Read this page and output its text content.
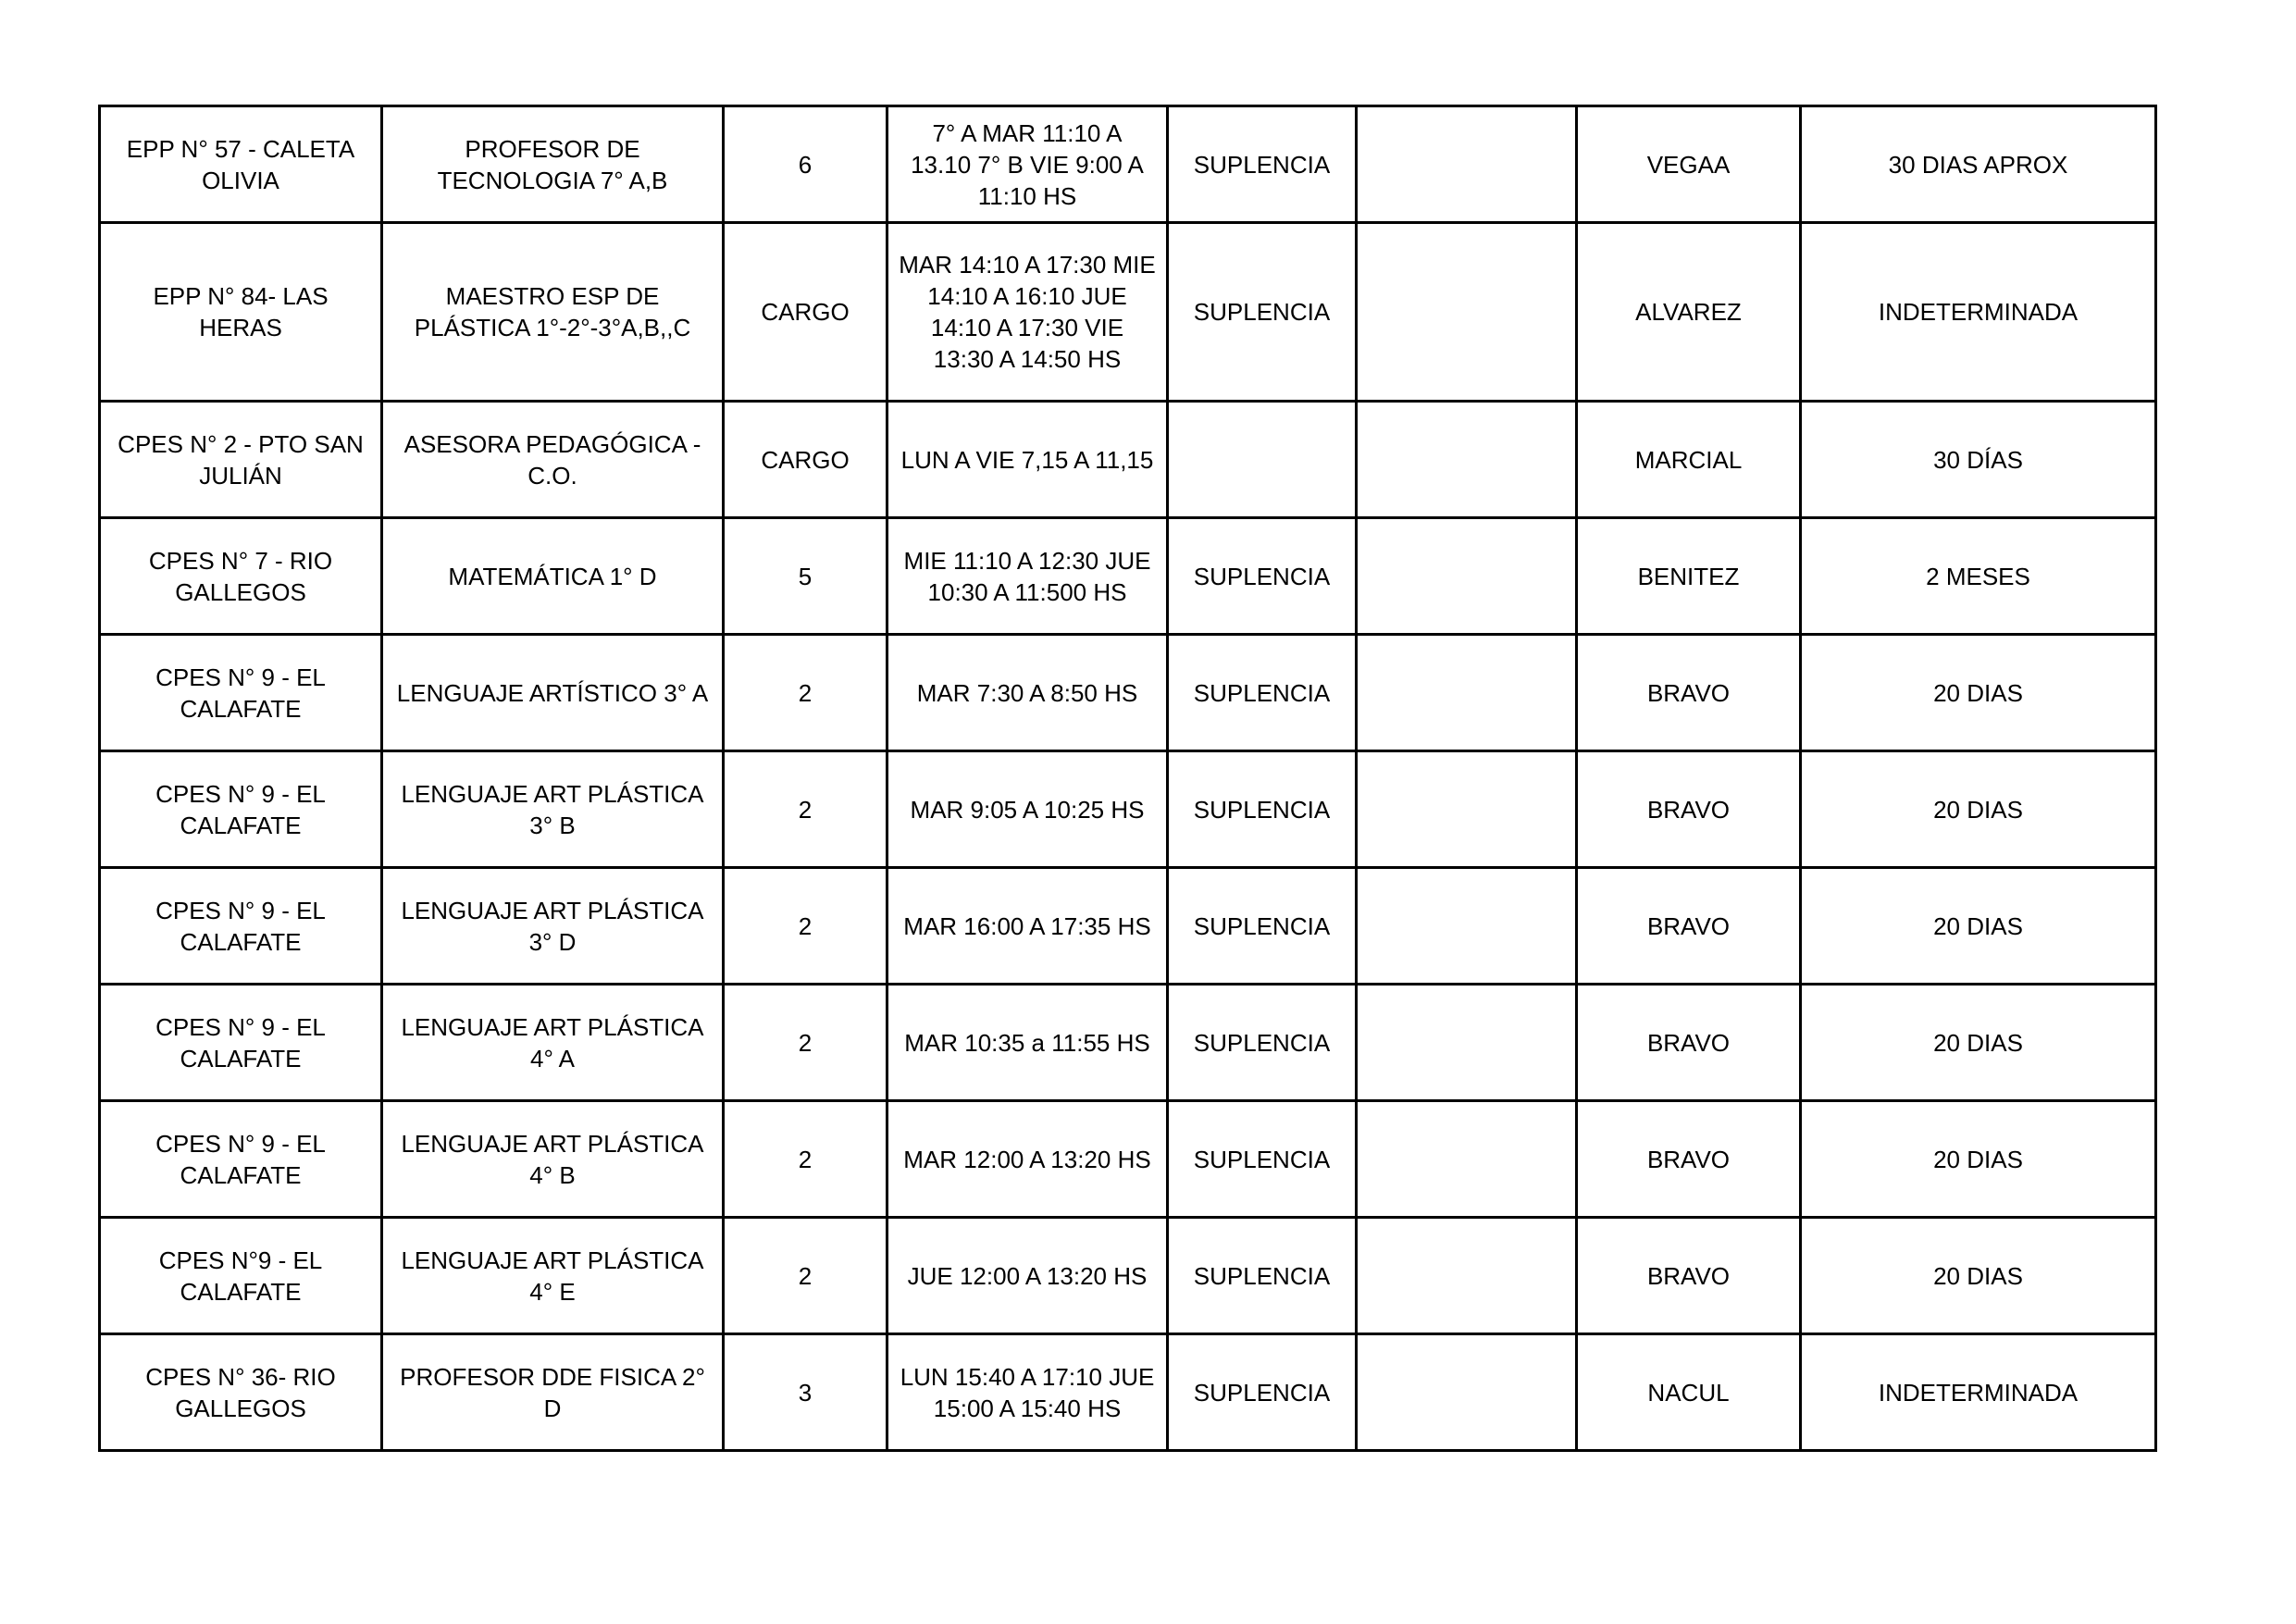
EPP N° 57 - CALETA
OLIVIA	PROFESOR DE
TECNOLOGIA 7° A,B	6	7° A MAR 11:10 A
13.10 7° B VIE 9:00 A
11:10 HS	SUPLENCIA		VEGAA	30 DIAS APROX
EPP N° 84- LAS
HERAS	MAESTRO ESP DE
PLÁSTICA 1°-2°-3°A,B,,C	CARGO	MAR 14:10 A 17:30 MIE
14:10 A 16:10 JUE
14:10 A 17:30 VIE
13:30 A 14:50 HS	SUPLENCIA		ALVAREZ	INDETERMINADA
CPES N° 2 - PTO SAN
JULIÁN	ASESORA PEDAGÓGICA -
C.O.	CARGO	LUN A VIE 7,15 A 11,15			MARCIAL	30 DÍAS
CPES N° 7 - RIO
GALLEGOS	MATEMÁTICA 1° D	5	MIE 11:10 A 12:30 JUE
10:30 A 11:500 HS	SUPLENCIA		BENITEZ	2 MESES
CPES N° 9 - EL
CALAFATE	LENGUAJE ARTÍSTICO 3° A	2	MAR 7:30 A 8:50 HS	SUPLENCIA		BRAVO	20 DIAS
CPES N° 9 - EL
CALAFATE	LENGUAJE ART PLÁSTICA
3° B	2	MAR 9:05 A 10:25 HS	SUPLENCIA		BRAVO	20 DIAS
CPES N° 9 - EL
CALAFATE	LENGUAJE ART PLÁSTICA
3° D	2	MAR 16:00 A 17:35 HS	SUPLENCIA		BRAVO	20 DIAS
CPES N° 9 - EL
CALAFATE	LENGUAJE ART PLÁSTICA
4° A	2	MAR 10:35 a 11:55 HS	SUPLENCIA		BRAVO	20 DIAS
CPES N° 9 - EL
CALAFATE	LENGUAJE ART PLÁSTICA
4° B	2	MAR 12:00 A 13:20 HS	SUPLENCIA		BRAVO	20 DIAS
CPES N°9 - EL
CALAFATE	LENGUAJE ART PLÁSTICA
4° E	2	JUE 12:00 A 13:20 HS	SUPLENCIA		BRAVO	20 DIAS
CPES N° 36- RIO
GALLEGOS	PROFESOR DDE FISICA 2°
D	3	LUN 15:40 A 17:10 JUE
15:00 A 15:40 HS	SUPLENCIA		NACUL	INDETERMINADA
